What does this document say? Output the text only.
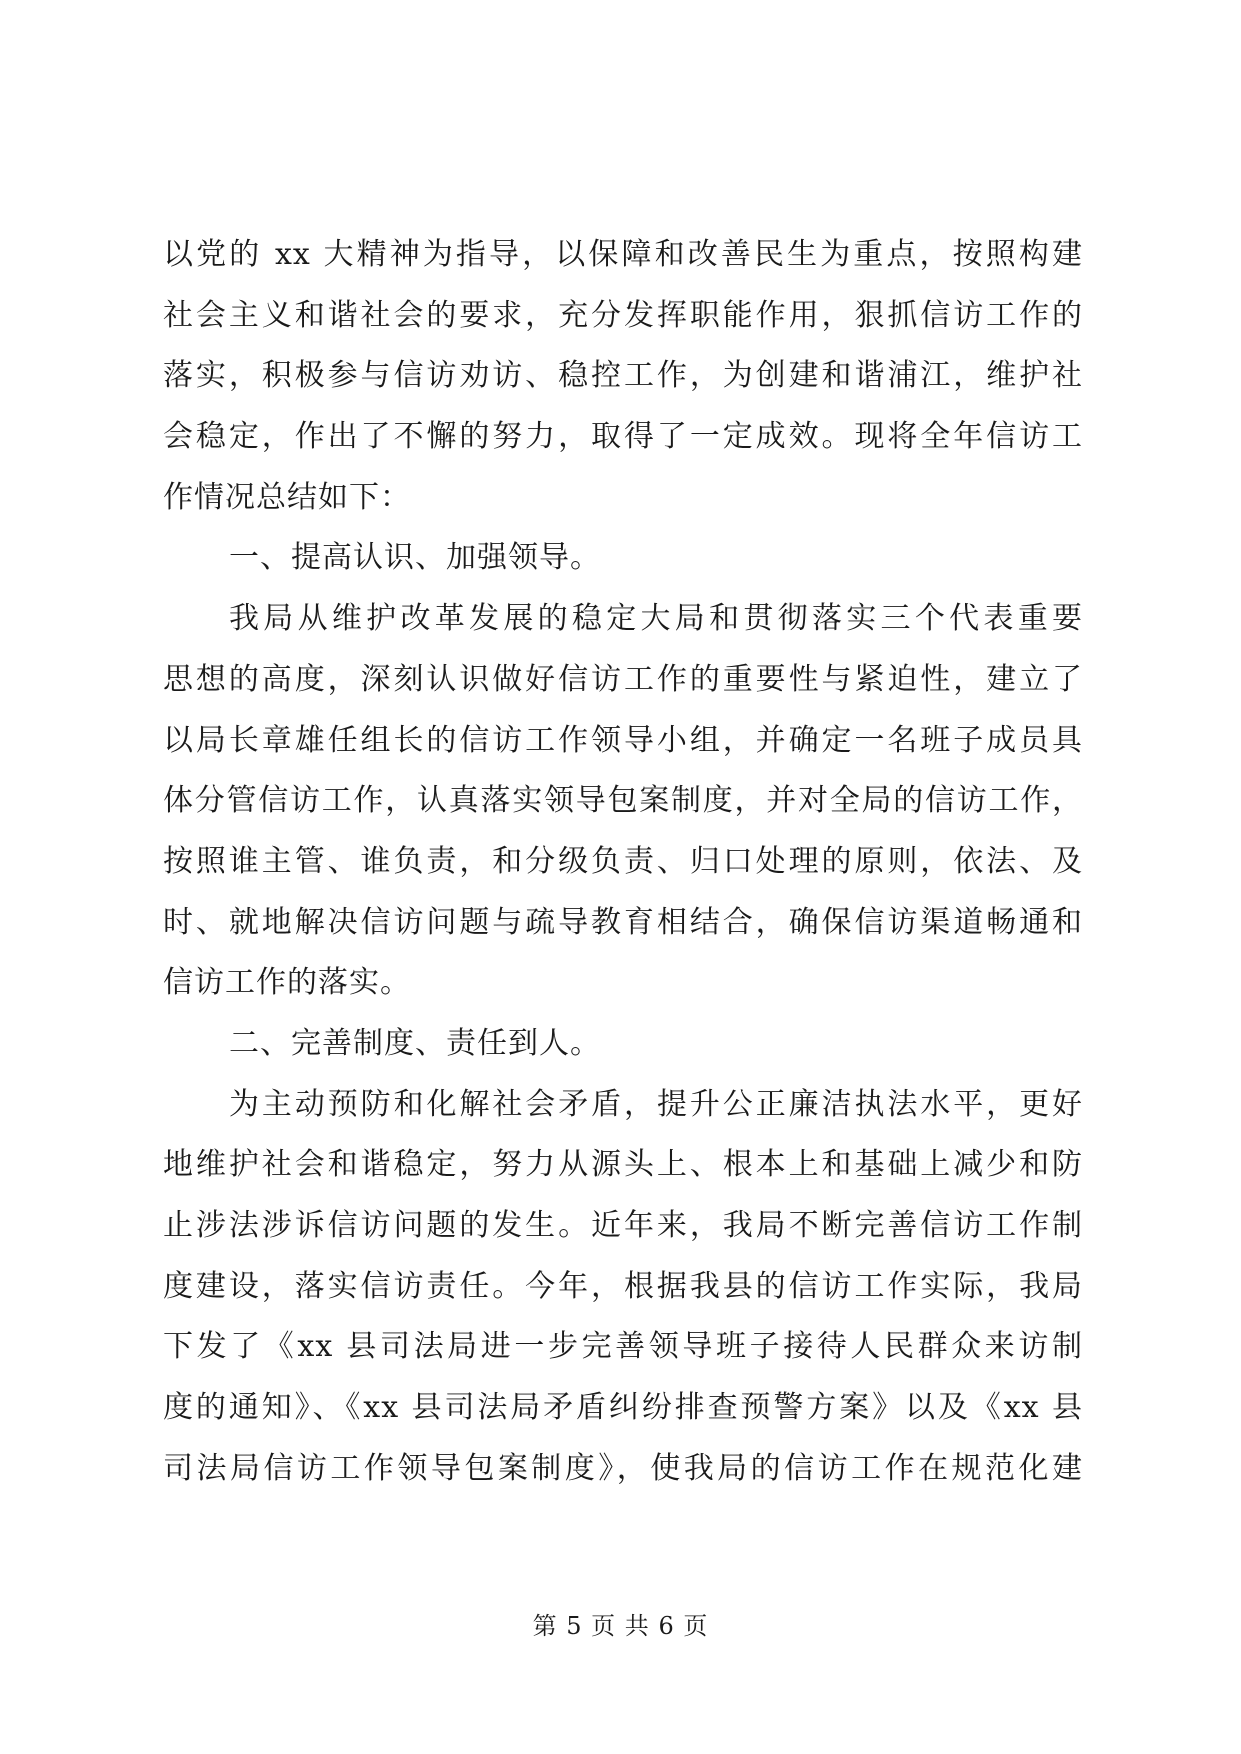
以党的 xx 大精神为指导，以保障和改善民生为重点，按照构建
社会主义和谐社会的要求，充分发挥职能作用，狠抓信访工作的
落实，积极参与信访劝访、稳控工作，为创建和谐浦江，维护社
会稳定，作出了不懈的努力，取得了一定成效。现将全年信访工
作情况总结如下：
一、提高认识、加强领导。
我局从维护改革发展的稳定大局和贯彻落实三个代表重要
思想的高度，深刻认识做好信访工作的重要性与紧迫性，建立了
以局长章雄任组长的信访工作领导小组，并确定一名班子成员具
体分管信访工作，认真落实领导包案制度，并对全局的信访工作，
按照谁主管、谁负责，和分级负责、归口处理的原则，依法、及
时、就地解决信访问题与疏导教育相结合，确保信访渠道畅通和
信访工作的落实。
二、完善制度、责任到人。
为主动预防和化解社会矛盾，提升公正廉洁执法水平，更好
地维护社会和谐稳定，努力从源头上、根本上和基础上减少和防
止涉法涉诉信访问题的发生。近年来，我局不断完善信访工作制
度建设，落实信访责任。今年，根据我县的信访工作实际，我局
下发了《xx 县司法局进一步完善领导班子接待人民群众来访制
度的通知》、《xx 县司法局矛盾纠纷排查预警方案》以及《xx 县
司法局信访工作领导包案制度》，使我局的信访工作在规范化建
第 5 页 共 6 页
